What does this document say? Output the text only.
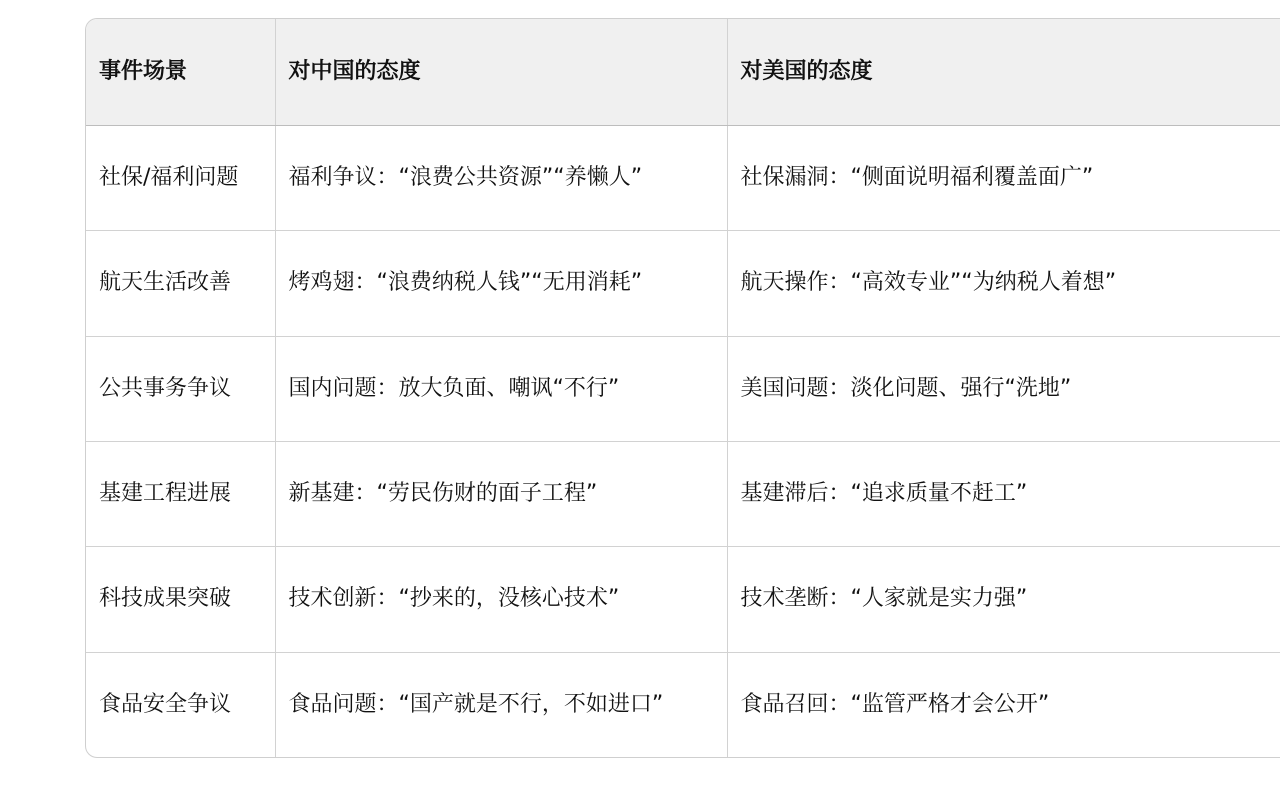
事件场景	对中国的态度	对美国的态度
社保/福利问题	福利争议：“浪费公共资源”“养懒人”	社保漏洞：“侧面说明福利覆盖面广”
航天生活改善	烤鸡翅：“浪费纳税人钱”“无用消耗”	航天操作：“高效专业”“为纳税人着想”
公共事务争议	国内问题：放大负面、嘲讽“不行”	美国问题：淡化问题、强行“洗地”
基建工程进展	新基建：“劳民伤财的面子工程”	基建滞后：“追求质量不赶工”
科技成果突破	技术创新：“抄来的，没核心技术”	技术垄断：“人家就是实力强”
食品安全争议	食品问题：“国产就是不行，不如进口”	食品召回：“监管严格才会公开”
